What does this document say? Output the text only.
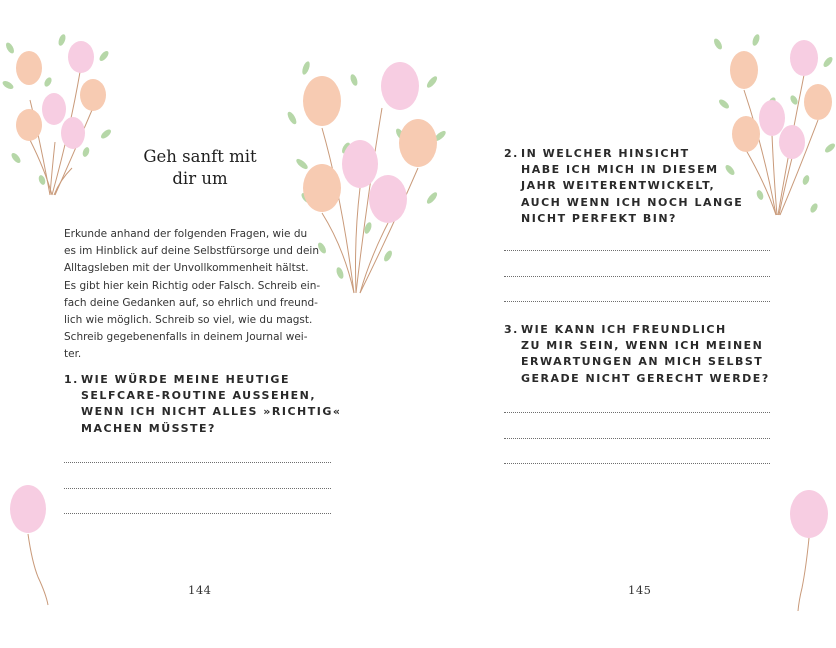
Geh sanft mit
dir um
Erkunde anhand der folgenden Fragen, wie du
es im Hinblick auf deine Selbstfürsorge und dein
Alltagsleben mit der Unvollkommenheit hältst.
Es gibt hier kein Richtig oder Falsch. Schreib ein-
fach deine Gedanken auf, so ehrlich und freund-
lich wie möglich. Schreib so viel, wie du magst.
Schreib gegebenenfalls in deinem Journal wei-
ter.
1. WIE WÜRDE MEINE HEUTIGE
SELFCARE-ROUTINE AUSSEHEN,
WENN ICH NICHT ALLES »RICHTIG«
MACHEN MÜSSTE?
144
2. IN WELCHER HINSICHT
HABE ICH MICH IN DIESEM
JAHR WEITERENTWICKELT,
AUCH WENN ICH NOCH LANGE
NICHT PERFEKT BIN?
3. WIE KANN ICH FREUNDLICH
ZU MIR SEIN, WENN ICH MEINEN
ERWARTUNGEN AN MICH SELBST
GERADE NICHT GERECHT WERDE?
145
